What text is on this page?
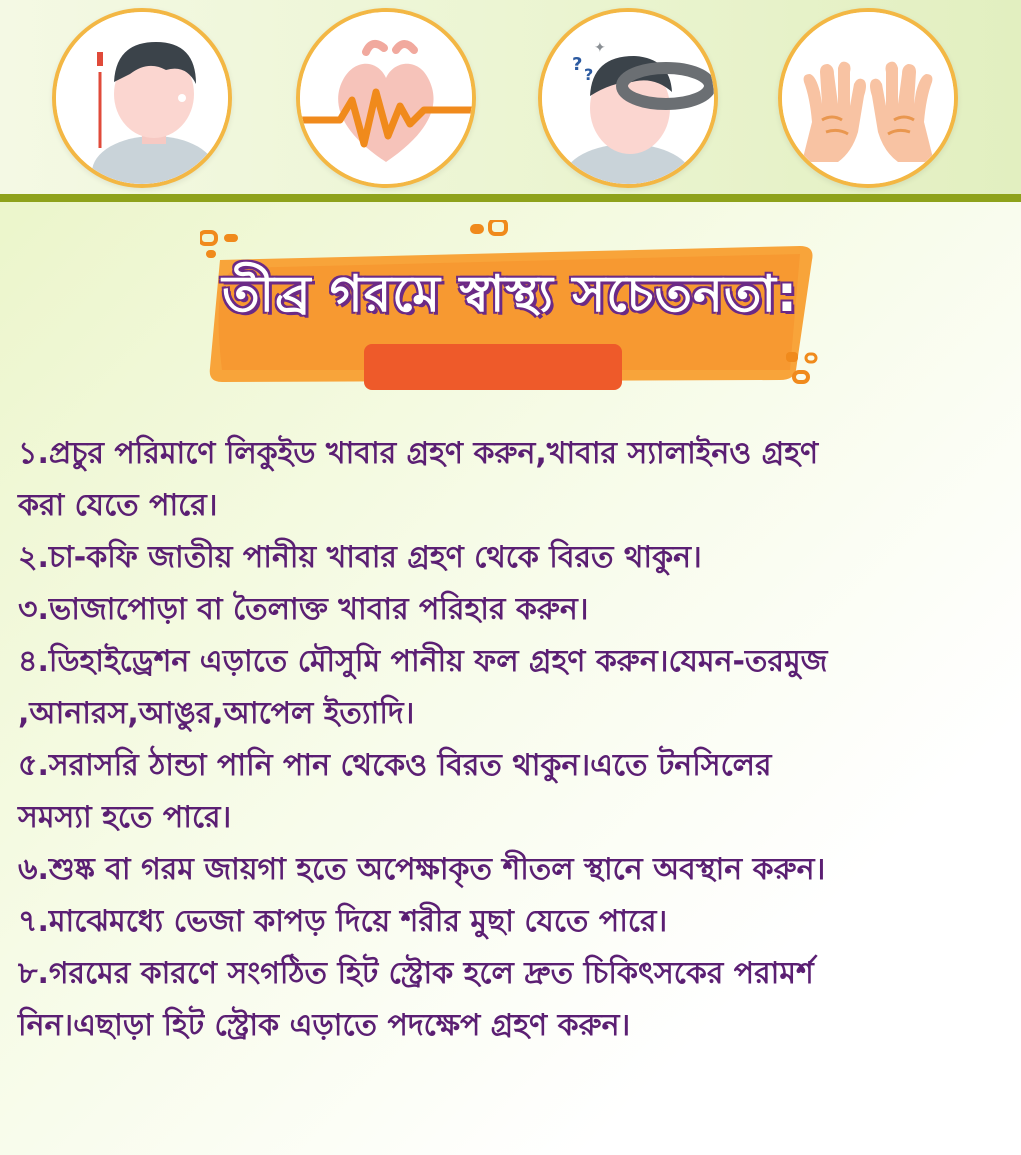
? ?
✦
তীব্র গরমে স্বাস্থ্য সচেতনতা:

১.প্রচুর পরিমাণে লিকুইড খাবার গ্রহণ করুন,খাবার স্যালাইনও গ্রহণ

করা যেতে পারে।

২.চা-কফি জাতীয় পানীয় খাবার গ্রহণ থেকে বিরত থাকুন।

৩.ভাজাপোড়া বা তৈলাক্ত খাবার পরিহার করুন।

৪.ডিহাইড্রেশন এড়াতে মৌসুমি পানীয় ফল গ্রহণ করুন।যেমন-তরমুজ

,আনারস,আঙুর,আপেল ইত্যাদি।

৫.সরাসরি ঠান্ডা পানি পান থেকেও বিরত থাকুন।এতে টনসিলের

সমস্যা হতে পারে।

৬.শুষ্ক বা গরম জায়গা হতে অপেক্ষাকৃত শীতল স্থানে অবস্থান করুন।

৭.মাঝেমধ্যে ভেজা কাপড় দিয়ে শরীর মুছা যেতে পারে।

৮.গরমের কারণে সংগঠিত হিট স্ট্রোক হলে দ্রুত চিকিৎসকের পরামর্শ

নিন।এছাড়া হিট স্ট্রোক এড়াতে পদক্ষেপ গ্রহণ করুন।
